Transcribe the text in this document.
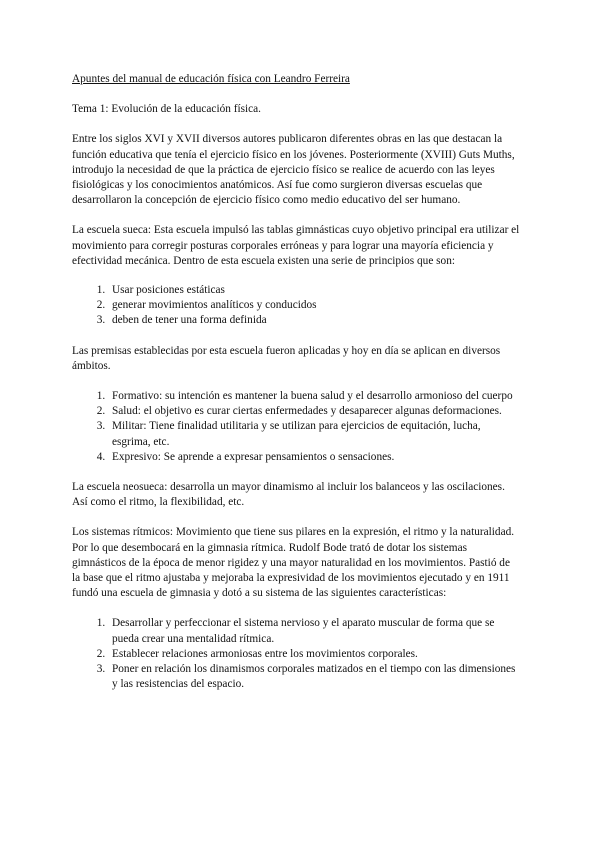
Apuntes del manual de educación física con Leandro Ferreira
Tema 1: Evolución de la educación física.

Entre los siglos XVI y XVII diversos autores publicaron diferentes obras en las que destacan la función educativa que tenía el ejercicio físico en los jóvenes. Posteriormente (XVIII) Guts Muths, introdujo la necesidad de que la práctica de ejercicio físico se realice de acuerdo con las leyes fisiológicas y los conocimientos anatómicos. Así fue como surgieron diversas escuelas que desarrollaron la concepción de ejercicio físico como medio educativo del ser humano.

La escuela sueca: Esta escuela impulsó las tablas gimnásticas cuyo objetivo principal era utilizar el movimiento para corregir posturas corporales erróneas y para lograr una mayoría eficiencia y efectividad mecánica. Dentro de esta escuela existen una serie de principios que son:

1. Usar posiciones estáticas
2. generar movimientos analíticos y conducidos
3. deben de tener una forma definida

Las premisas establecidas por esta escuela fueron aplicadas y hoy en día se aplican en diversos ámbitos.

1. Formativo: su intención es mantener la buena salud y el desarrollo armonioso del cuerpo
2. Salud: el objetivo es curar ciertas enfermedades y desaparecer algunas deformaciones.
3. Militar: Tiene finalidad utilitaria y se utilizan para ejercicios de equitación, lucha, esgrima, etc.
4. Expresivo: Se aprende a expresar pensamientos o sensaciones.

La escuela neosueca: desarrolla un mayor dinamismo al incluir los balanceos y las oscilaciones. Así como el ritmo, la flexibilidad, etc.

Los sistemas rítmicos: Movimiento que tiene sus pilares en la expresión, el ritmo y la naturalidad. Por lo que desembocará en la gimnasia rítmica. Rudolf Bode trató de dotar los sistemas gimnásticos de la época de menor rigidez y una mayor naturalidad en los movimientos. Pastió de la base que el ritmo ajustaba y mejoraba la expresividad de los movimientos ejecutado y en 1911 fundó una escuela de gimnasia y dotó a su sistema de las siguientes características:

1. Desarrollar y perfeccionar el sistema nervioso y el aparato muscular de forma que se pueda crear una mentalidad rítmica.
2. Establecer relaciones armoniosas entre los movimientos corporales.
3. Poner en relación los dinamismos corporales matizados en el tiempo con las dimensiones y las resistencias del espacio.
